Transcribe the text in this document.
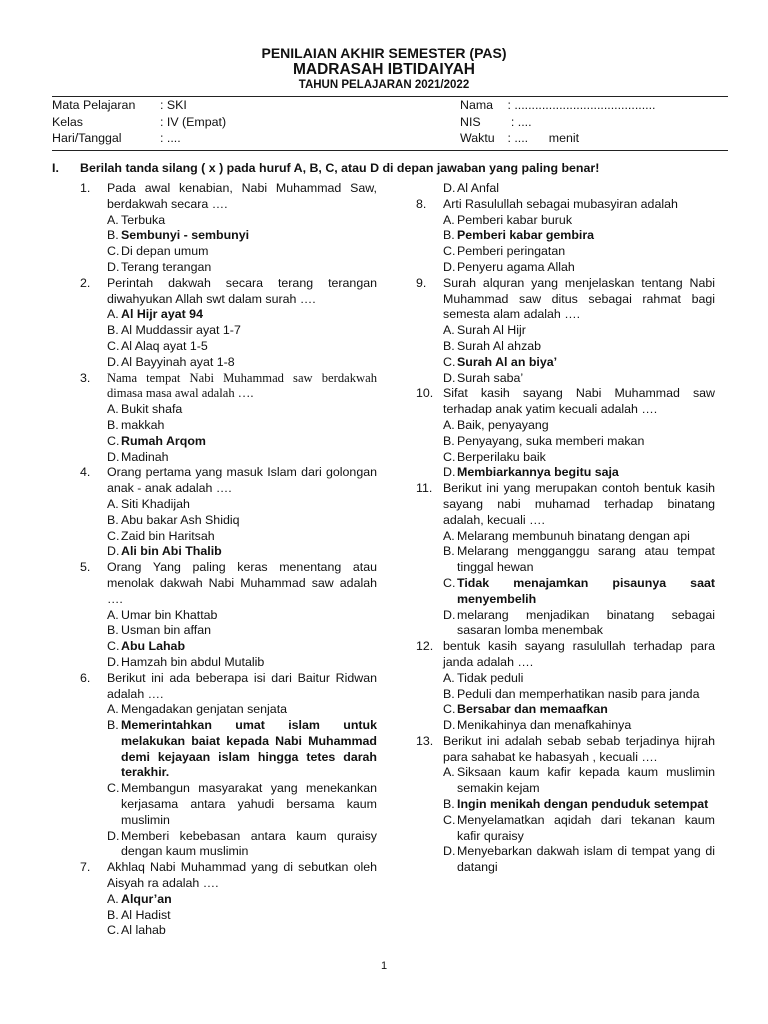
PENILAIAN AKHIR SEMESTER (PAS)
MADRASAH IBTIDAIYAH
TAHUN PELAJARAN 2021/2022
Mata Pelajaran	: SKI
Kelas	: IV (Empat)
Hari/Tanggal	: ....
Nama : .........................................
NIS	: ....
Waktu : ....      menit
I. Berilah tanda silang ( x ) pada huruf A, B, C, atau D di depan jawaban yang paling benar!
1.	Pada awal kenabian, Nabi Muhammad Saw, berdakwah secara ….
A. Terbuka
B. Sembunyi - sembunyi
C. Di depan umum
D. Terang terangan
2.	Perintah dakwah secara terang terangan diwahyukan Allah swt dalam surah ….
A. Al Hijr ayat 94
B. Al Muddassir ayat 1-7
C. Al Alaq ayat 1-5
D. Al Bayyinah ayat 1-8
3.	Nama tempat Nabi Muhammad saw berdakwah dimasa masa awal adalah ….
A. Bukit shafa
B. makkah
C. Rumah Arqom
D. Madinah
4.	Orang pertama yang masuk Islam dari golongan anak - anak adalah ….
A. Siti Khadijah
B. Abu bakar Ash Shidiq
C. Zaid bin Haritsah
D. Ali bin Abi Thalib
5.	Orang Yang paling keras menentang atau menolak dakwah Nabi Muhammad saw adalah ….
A. Umar bin Khattab
B. Usman bin affan
C. Abu Lahab
D. Hamzah bin abdul Mutalib
6.	Berikut ini ada beberapa isi dari Baitur Ridwan adalah ….
A. Mengadakan genjatan senjata
B. Memerintahkan umat islam untuk melakukan baiat kepada Nabi Muhammad demi kejayaan islam hingga tetes darah terakhir.
C. Membangun masyarakat yang menekankan kerjasama antara yahudi bersama kaum muslimin
D. Memberi kebebasan antara kaum quraisy dengan kaum muslimin
7.	Akhlaq Nabi Muhammad yang di sebutkan oleh Aisyah ra adalah ….
A. Alqur’an
B. Al Hadist
C. Al lahab
D. Al Anfal
8.	Arti Rasulullah sebagai mubasyiran adalah
A. Pemberi kabar buruk
B. Pemberi kabar gembira
C. Pemberi peringatan
D. Penyeru agama Allah
9.	Surah alquran yang menjelaskan tentang Nabi Muhammad saw ditus sebagai rahmat bagi semesta alam adalah ….
A. Surah Al Hijr
B. Surah Al ahzab
C. Surah Al an biya’
D. Surah saba’
10. Sifat kasih sayang Nabi Muhammad saw terhadap anak yatim kecuali adalah ….
A. Baik, penyayang
B. Penyayang, suka memberi makan
C. Berperilaku baik
D. Membiarkannya begitu saja
11. Berikut ini yang merupakan contoh bentuk kasih sayang nabi muhamad terhadap binatang adalah, kecuali ….
A. Melarang membunuh binatang dengan api
B. Melarang mengganggu sarang atau tempat tinggal hewan
C. Tidak menajamkan pisaunya saat menyembelih
D. melarang menjadikan binatang sebagai sasaran lomba menembak
12. bentuk kasih sayang rasulullah terhadap para janda adalah ….
A. Tidak peduli
B. Peduli dan memperhatikan nasib para janda
C. Bersabar dan memaafkan
D. Menikahinya dan menafkahinya
13. Berikut ini adalah sebab sebab terjadinya hijrah para sahabat ke habasyah , kecuali ….
A. Siksaan kaum kafir kepada kaum muslimin semakin kejam
B. Ingin menikah dengan penduduk setempat
C. Menyelamatkan aqidah dari tekanan kaum kafir quraisy
D. Menyebarkan dakwah islam di tempat yang di datangi
1
